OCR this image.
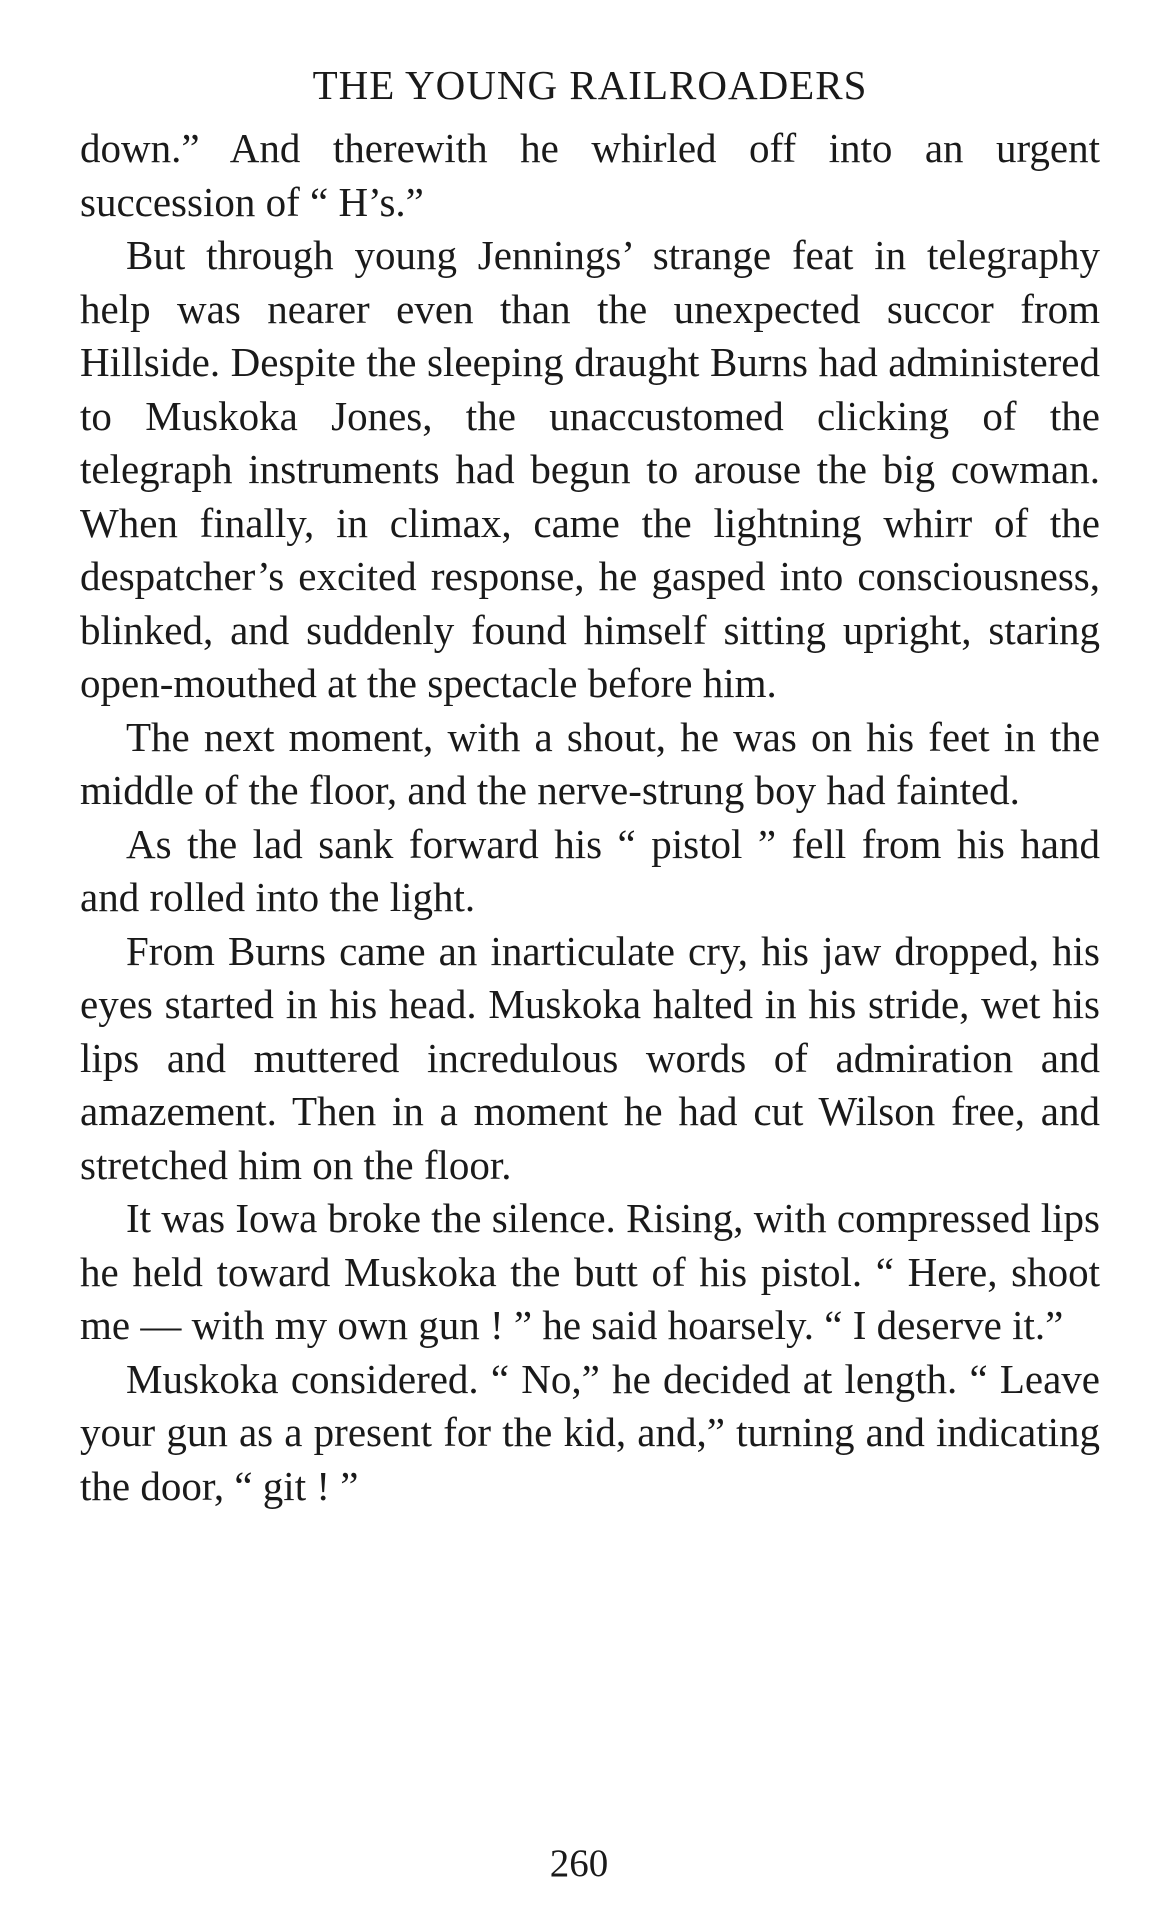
THE YOUNG RAILROADERS

down.” And therewith he whirled off into an urgent succession of “ H’s.”

But through young Jennings’ strange feat in telegraphy help was nearer even than the unexpected succor from Hillside. Despite the sleeping draught Burns had administered to Muskoka Jones, the unaccustomed clicking of the telegraph instruments had begun to arouse the big cowman. When finally, in climax, came the lightning whirr of the despatcher’s excited response, he gasped into consciousness, blinked, and suddenly found himself sitting upright, staring open-mouthed at the spectacle before him.

The next moment, with a shout, he was on his feet in the middle of the floor, and the nerve-strung boy had fainted.

As the lad sank forward his “ pistol ” fell from his hand and rolled into the light.

From Burns came an inarticulate cry, his jaw dropped, his eyes started in his head. Muskoka halted in his stride, wet his lips and muttered incredulous words of admiration and amazement. Then in a moment he had cut Wilson free, and stretched him on the floor.

It was Iowa broke the silence. Rising, with compressed lips he held toward Muskoka the butt of his pistol. “ Here, shoot me — with my own gun ! ” he said hoarsely. “ I deserve it.”

Muskoka considered. “ No,” he decided at length. “ Leave your gun as a present for the kid, and,” turning and indicating the door, “ git ! ”

260
